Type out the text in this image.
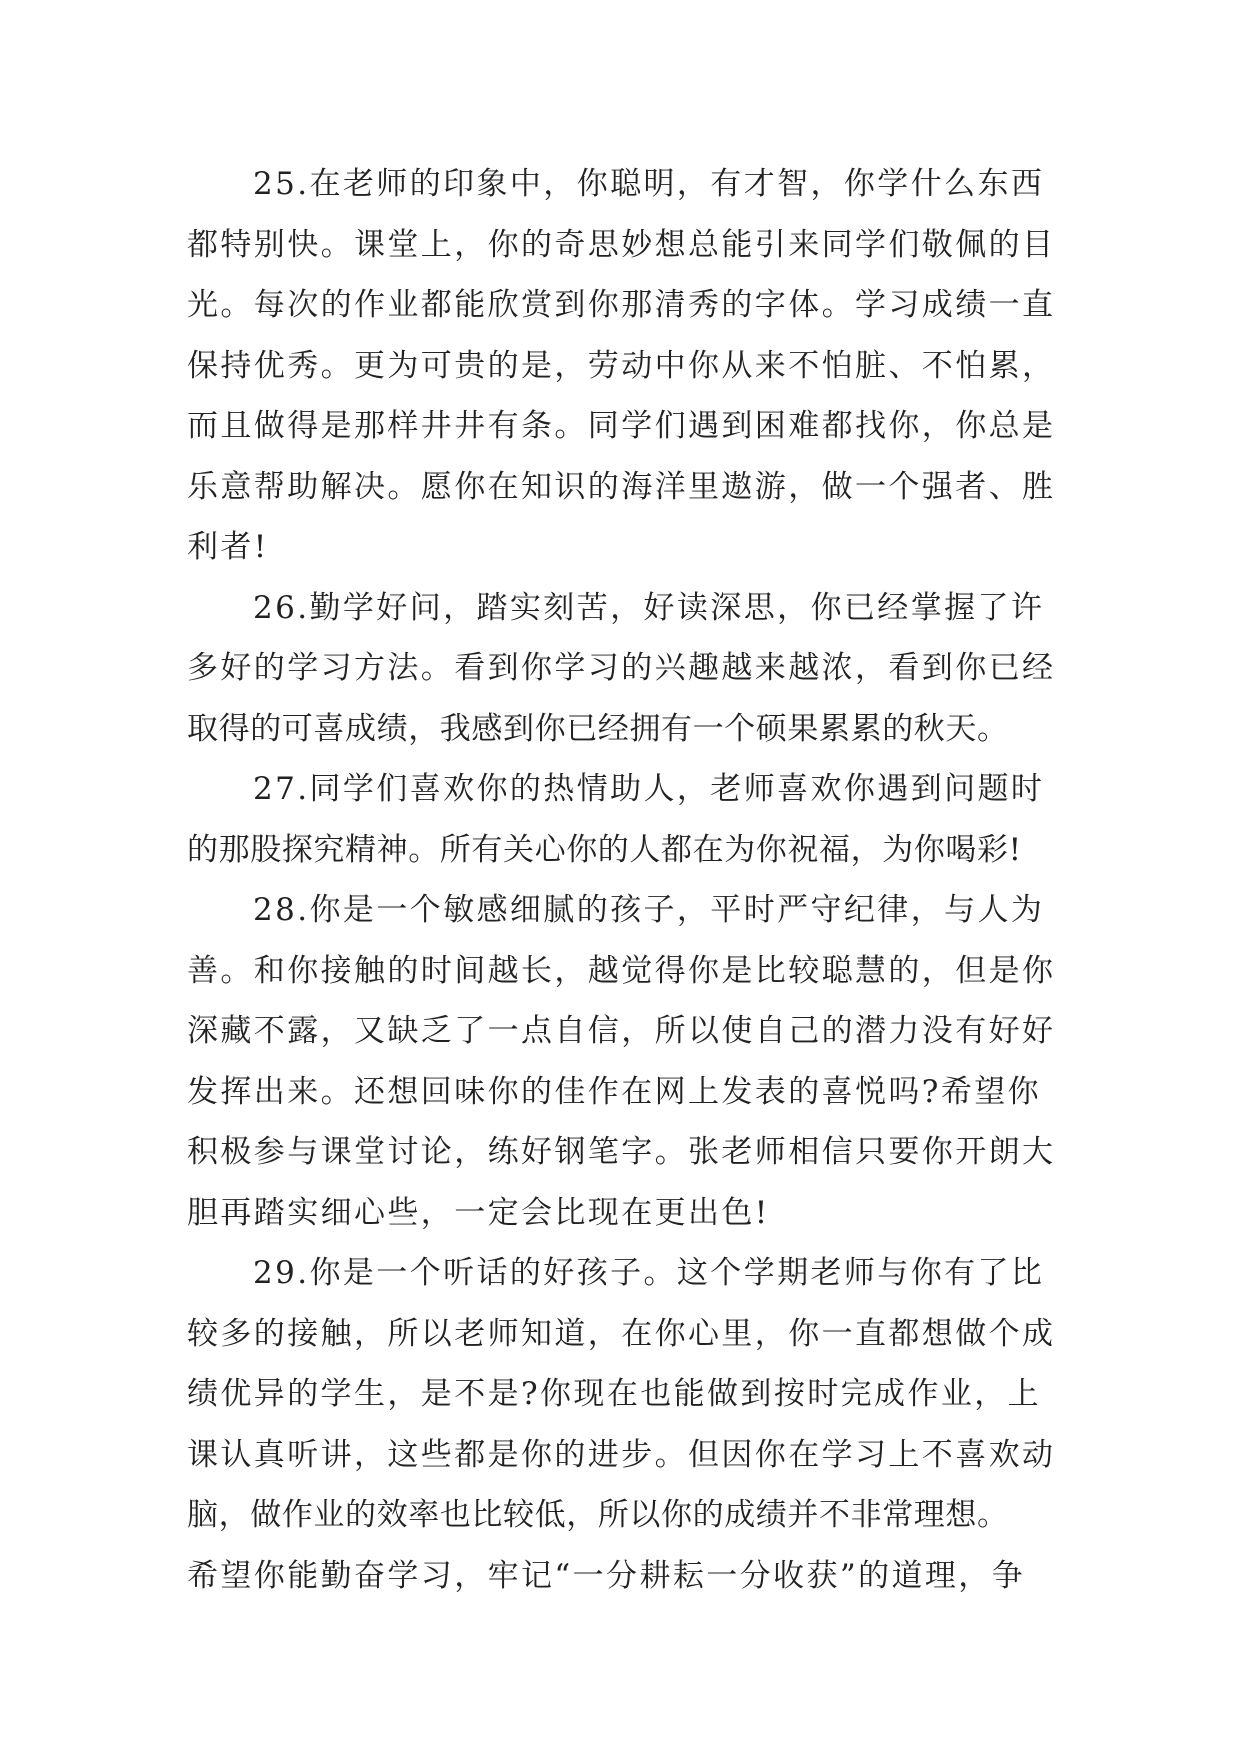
25.在老师的印象中，你聪明，有才智，你学什么东西
都特别快。课堂上，你的奇思妙想总能引来同学们敬佩的目
光。每次的作业都能欣赏到你那清秀的字体。学习成绩一直
保持优秀。更为可贵的是，劳动中你从来不怕脏、不怕累，
而且做得是那样井井有条。同学们遇到困难都找你，你总是
乐意帮助解决。愿你在知识的海洋里遨游，做一个强者、胜
利者!
26.勤学好问，踏实刻苦，好读深思，你已经掌握了许
多好的学习方法。看到你学习的兴趣越来越浓，看到你已经
取得的可喜成绩，我感到你已经拥有一个硕果累累的秋天。
27.同学们喜欢你的热情助人，老师喜欢你遇到问题时
的那股探究精神。所有关心你的人都在为你祝福，为你喝彩!
28.你是一个敏感细腻的孩子，平时严守纪律，与人为
善。和你接触的时间越长，越觉得你是比较聪慧的，但是你
深藏不露，又缺乏了一点自信，所以使自己的潜力没有好好
发挥出来。还想回味你的佳作在网上发表的喜悦吗?希望你
积极参与课堂讨论，练好钢笔字。张老师相信只要你开朗大
胆再踏实细心些，一定会比现在更出色!
29.你是一个听话的好孩子。这个学期老师与你有了比
较多的接触，所以老师知道，在你心里，你一直都想做个成
绩优异的学生，是不是?你现在也能做到按时完成作业，上
课认真听讲，这些都是你的进步。但因你在学习上不喜欢动
脑，做作业的效率也比较低，所以你的成绩并不非常理想。
希望你能勤奋学习，牢记“一分耕耘一分收获”的道理，争
